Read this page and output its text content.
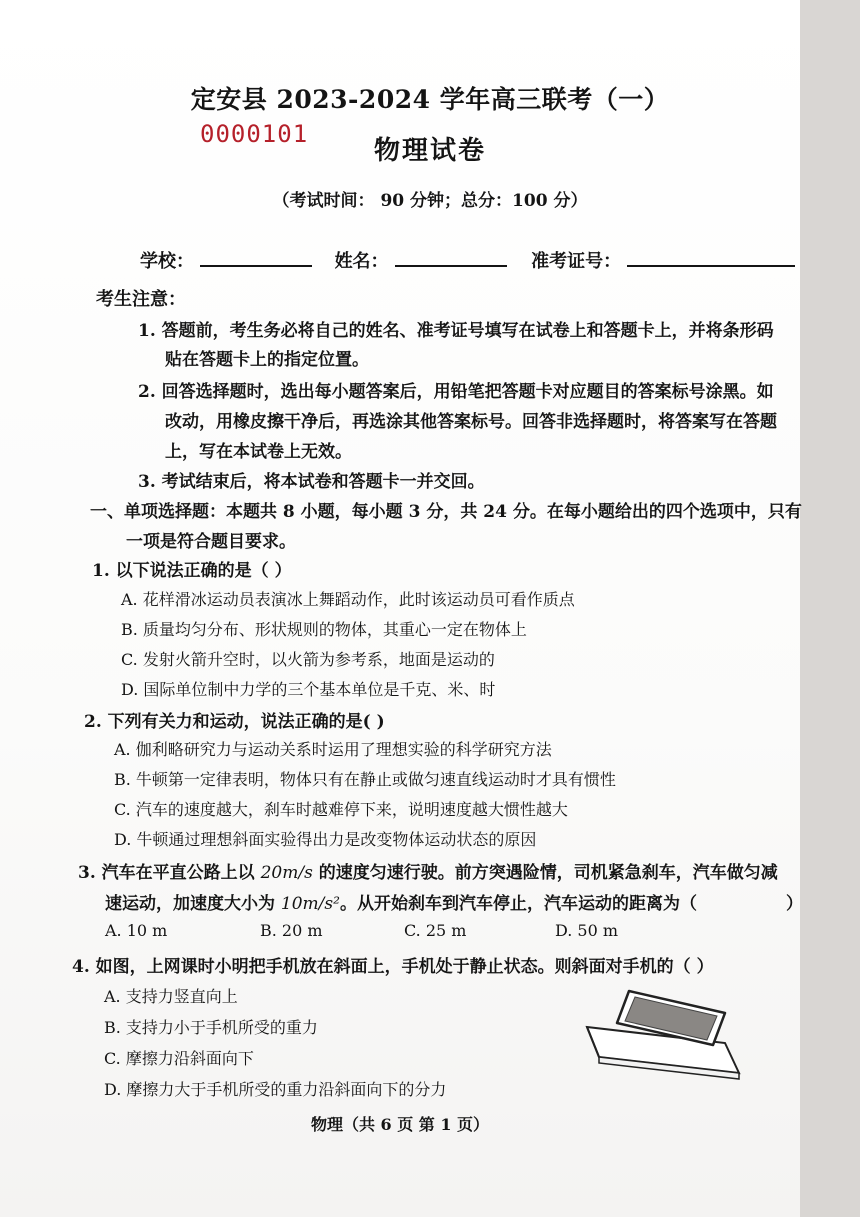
定安县 2023-2024 学年高三联考（一）
0000101
物理试卷
（考试时间： 90 分钟；总分：100 分）
学校：	姓名：	准考证号：
考生注意：
1. 答题前，考生务必将自己的姓名、准考证号填写在试卷上和答题卡上，并将条形码
贴在答题卡上的指定位置。
2. 回答选择题时，选出每小题答案后，用铅笔把答题卡对应题目的答案标号涂黑。如
改动，用橡皮擦干净后，再选涂其他答案标号。回答非选择题时，将答案写在答题
上，写在本试卷上无效。
3. 考试结束后，将本试卷和答题卡一并交回。
一、单项选择题：本题共 8 小题，每小题 3 分，共 24 分。在每小题给出的四个选项中，只有
一项是符合题目要求。
1. 以下说法正确的是（ ）
A. 花样滑冰运动员表演冰上舞蹈动作，此时该运动员可看作质点
B. 质量均匀分布、形状规则的物体，其重心一定在物体上
C. 发射火箭升空时，以火箭为参考系，地面是运动的
D. 国际单位制中力学的三个基本单位是千克、米、时
2. 下列有关力和运动，说法正确的是( )
A. 伽利略研究力与运动关系时运用了理想实验的科学研究方法
B. 牛顿第一定律表明，物体只有在静止或做匀速直线运动时才具有惯性
C. 汽车的速度越大，刹车时越难停下来，说明速度越大惯性越大
D. 牛顿通过理想斜面实验得出力是改变物体运动状态的原因
3. 汽车在平直公路上以 20m/s 的速度匀速行驶。前方突遇险情，司机紧急刹车，汽车做匀减
速运动，加速度大小为 10m/s²。从开始刹车到汽车停止，汽车运动的距离为（	）
A. 10 m	B. 20 m	C. 25 m	D. 50 m
4. 如图，上网课时小明把手机放在斜面上，手机处于静止状态。则斜面对手机的（ ）
A. 支持力竖直向上
B. 支持力小于手机所受的重力
C. 摩擦力沿斜面向下
D. 摩擦力大于手机所受的重力沿斜面向下的分力
物理（共 6 页 第 1 页）
